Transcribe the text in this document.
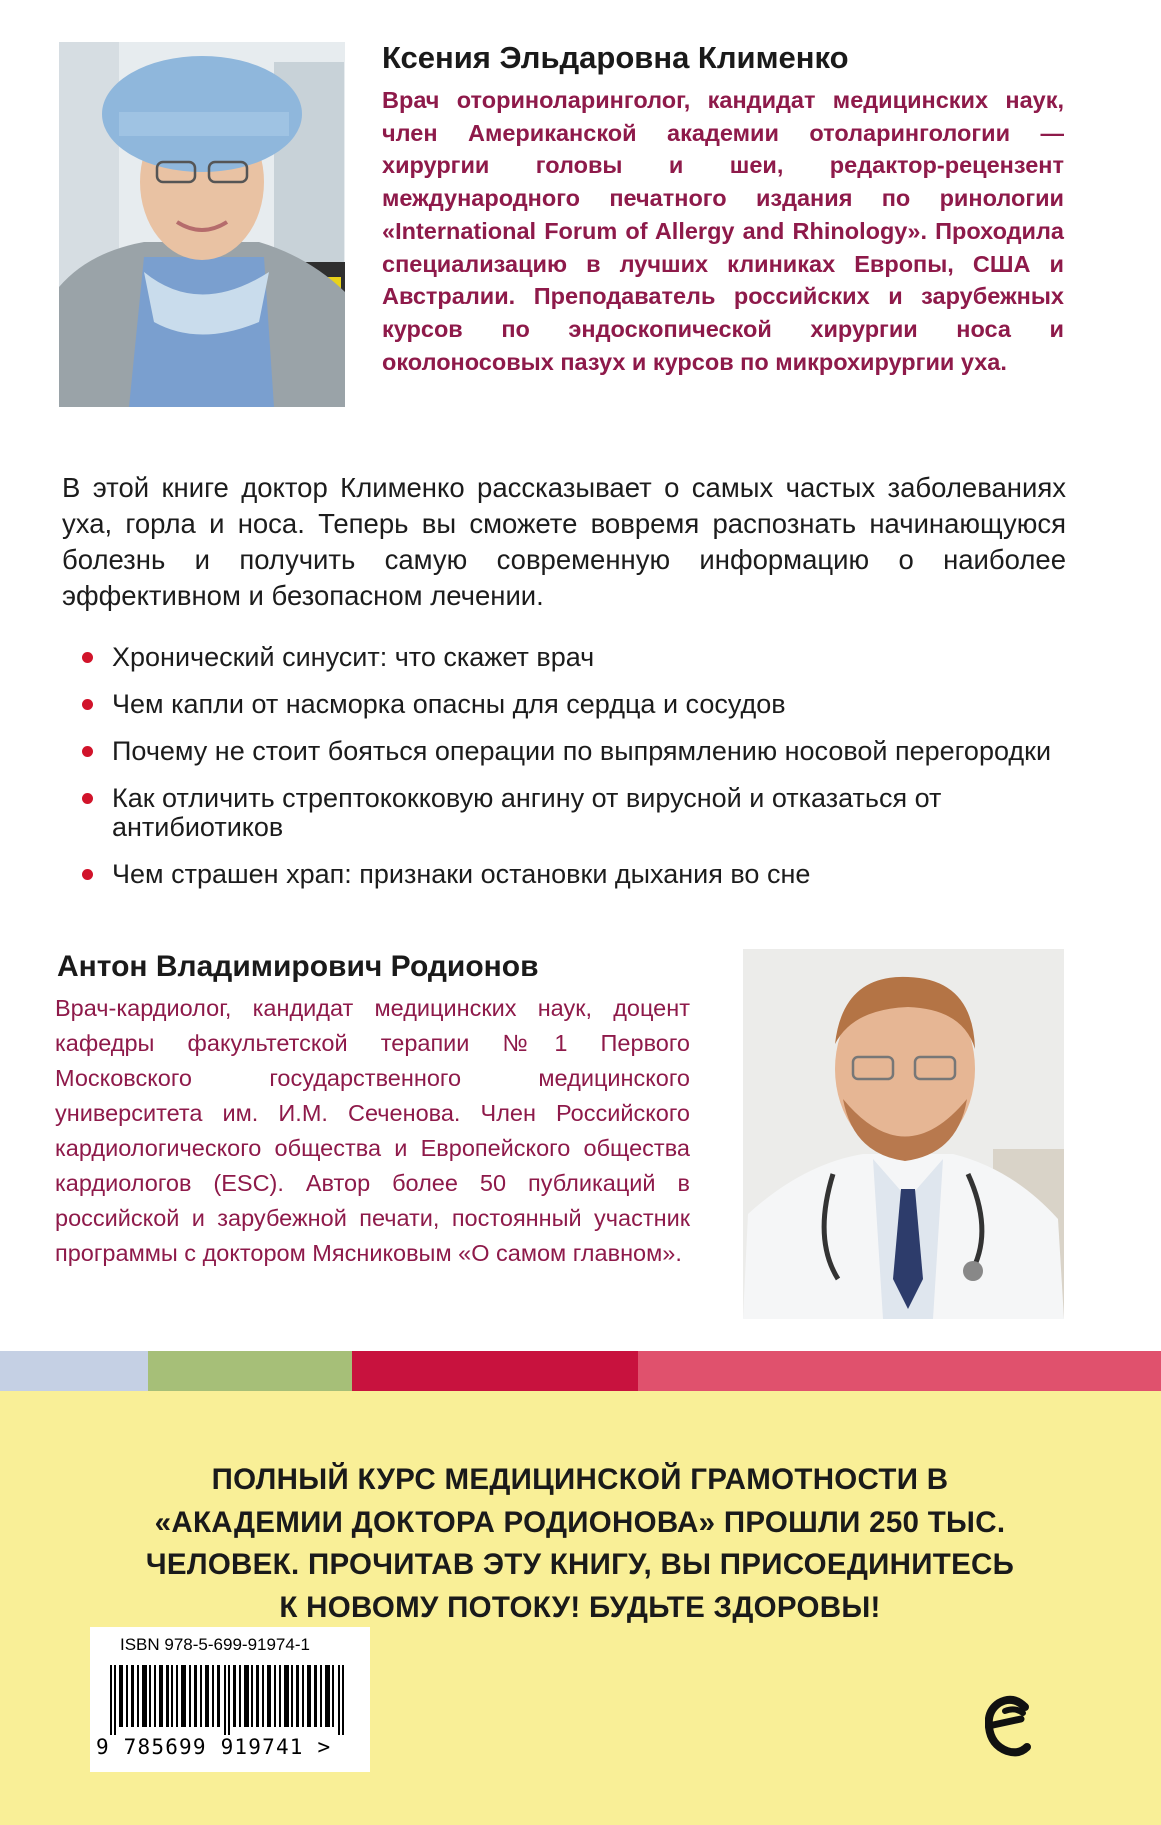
Ксения Эльдаровна Клименко

Врач оториноларинголог, кандидат медицинских наук, член Американской академии отоларингологии — хирургии головы и шеи, редактор-рецензент международного печатного издания по ринологии «International Forum of Allergy and Rhinology». Проходила специализацию в лучших клиниках Европы, США и Австралии. Преподаватель российских и зарубежных курсов по эндоскопической хирургии носа и околоносовых пазух и курсов по микрохирургии уха.

В этой книге доктор Клименко рассказывает о самых частых заболеваниях уха, горла и носа. Теперь вы сможете вовремя распознать начинающуюся болезнь и получить самую современную информацию о наиболее эффективном и безопасном лечении.

Хронический синусит: что скажет врач
Чем капли от насморка опасны для сердца и сосудов
Почему не стоит бояться операции по выпрямлению носовой перегородки
Как отличить стрептококковую ангину от вирусной и отказаться от антибиотиков
Чем страшен храп: признаки остановки дыхания во сне
Антон Владимирович Родионов

Врач-кардиолог, кандидат медицинских наук, доцент кафедры факультетской терапии №1 Первого Московского государственного медицинского университета им. И.М. Сеченова. Член Российского кардиологического общества и Европейского общества кардиологов (ESC). Автор более 50 публикаций в российской и зарубежной печати, постоянный участник программы с доктором Мясниковым «О самом главном».

ПОЛНЫЙ КУРС МЕДИЦИНСКОЙ ГРАМОТНОСТИ В «АКАДЕМИИ ДОКТОРА РОДИОНОВА» ПРОШЛИ 250 ТЫС. ЧЕЛОВЕК. ПРОЧИТАВ ЭТУ КНИГУ, ВЫ ПРИСОЕДИНИТЕСЬ К НОВОМУ ПОТОКУ! БУДЬТЕ ЗДОРОВЫ!

ISBN 978-5-699-91974-1
9 785699 919741 >
